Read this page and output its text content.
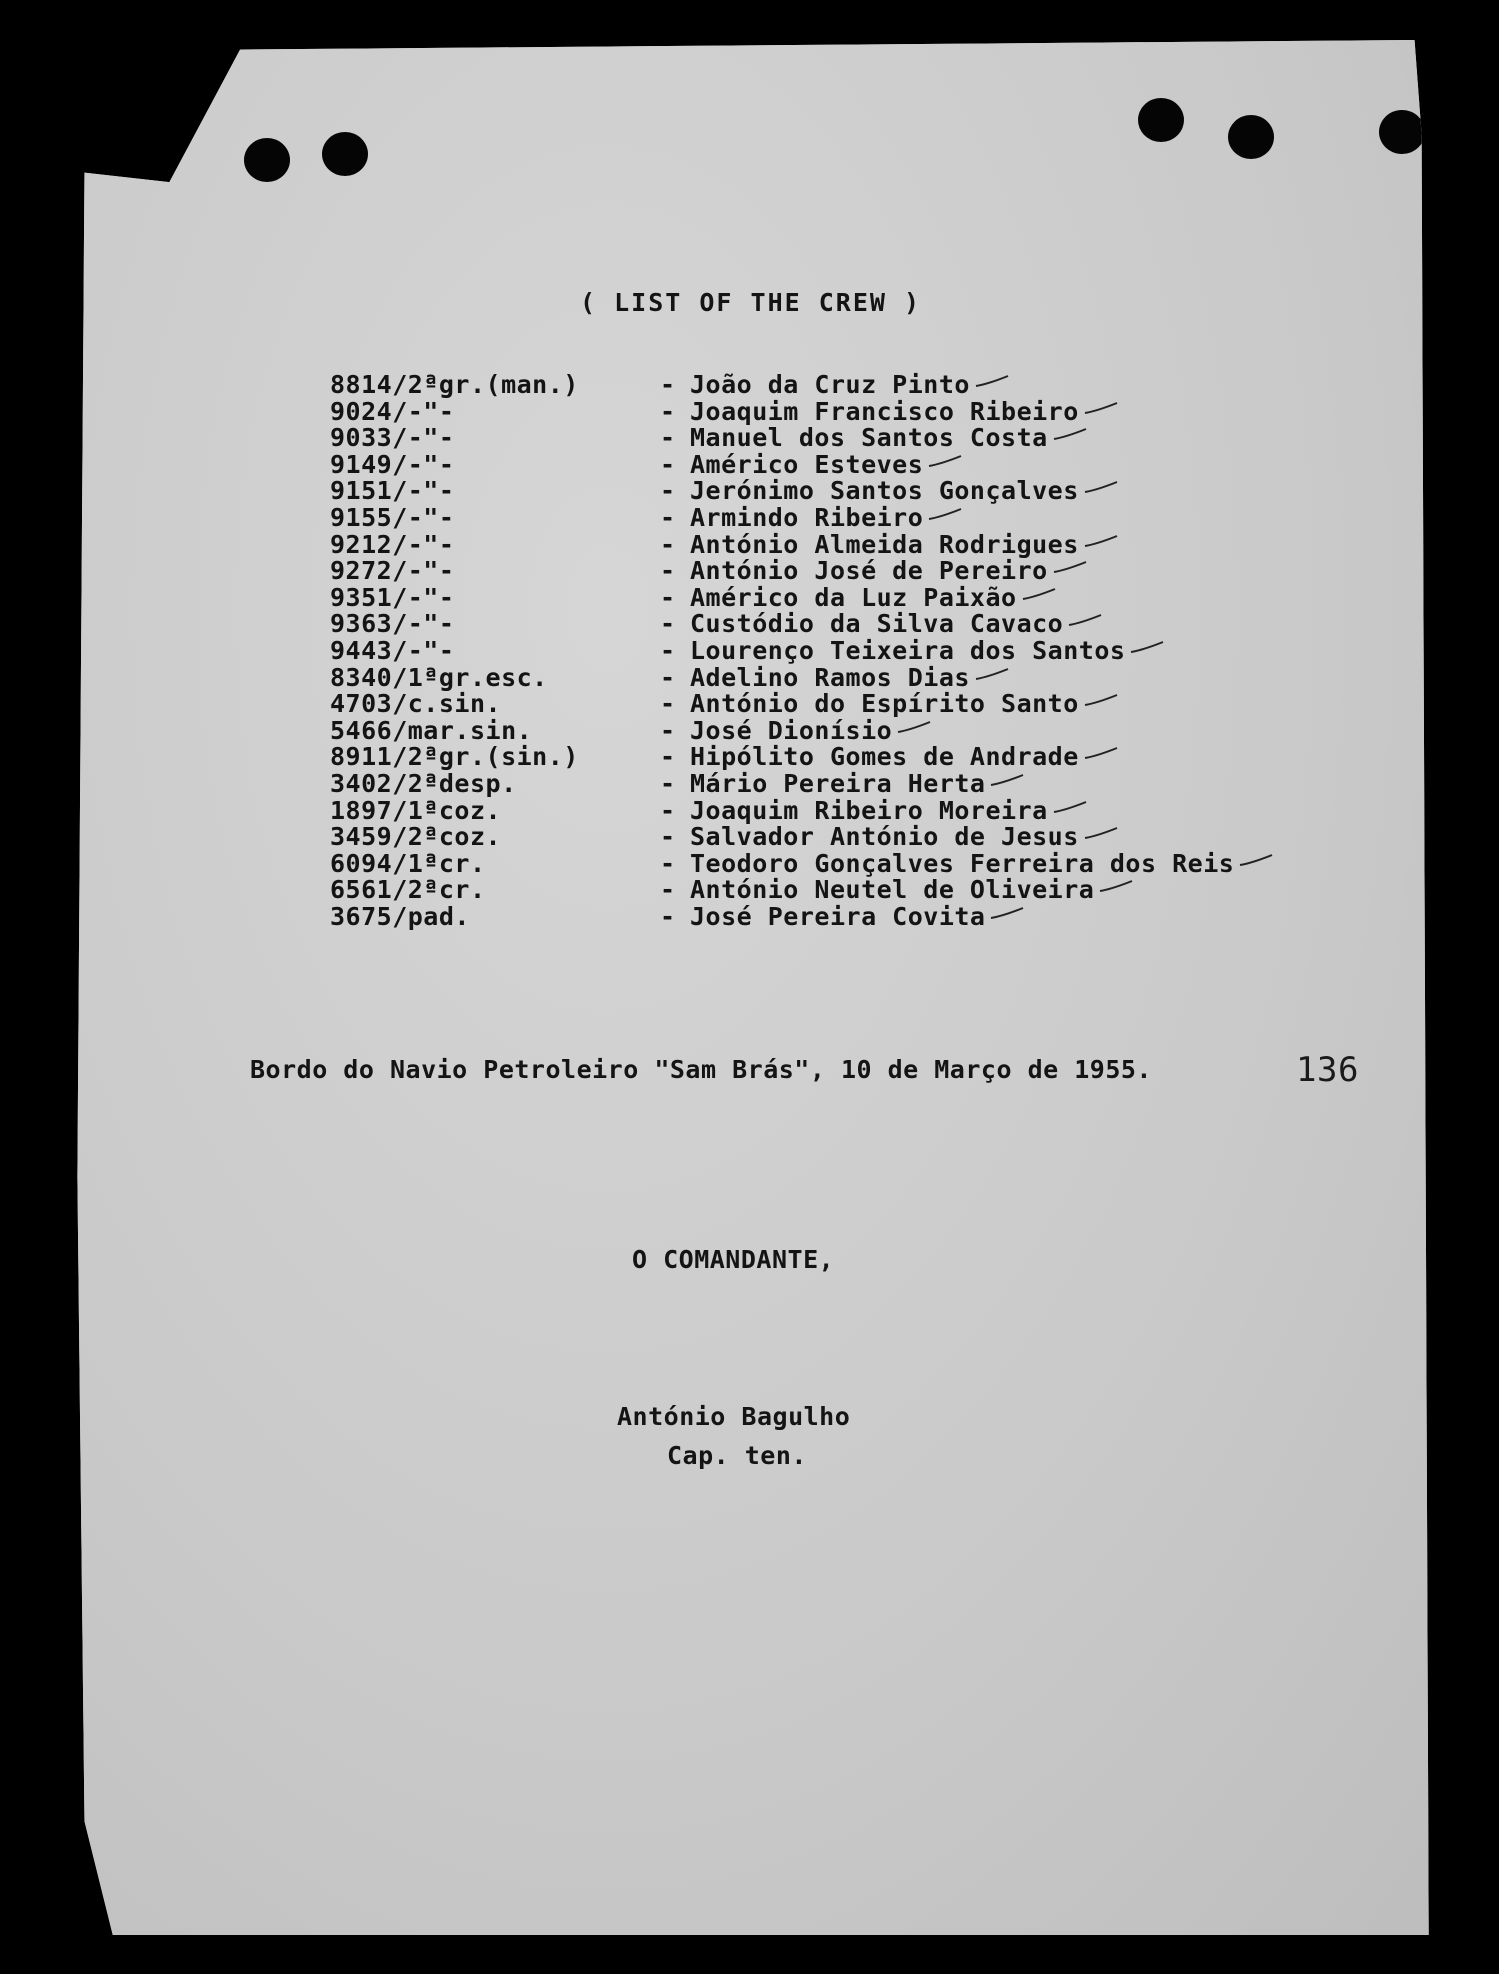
( LIST OF THE CREW )
8814/2ªgr.(man.)	- João da Cruz Pinto
9024/-"-	- Joaquim Francisco Ribeiro
9033/-"-	- Manuel dos Santos Costa
9149/-"-	- Américo Esteves
9151/-"-	- Jerónimo Santos Gonçalves
9155/-"-	- Armindo Ribeiro
9212/-"-	- António Almeida Rodrigues
9272/-"-	- António José de Pereiro
9351/-"-	- Américo da Luz Paixão
9363/-"-	- Custódio da Silva Cavaco
9443/-"-	- Lourenço Teixeira dos Santos
8340/1ªgr.esc.	- Adelino Ramos Dias
4703/c.sin.	- António do Espírito Santo
5466/mar.sin.	- José Dionísio
8911/2ªgr.(sin.)	- Hipólito Gomes de Andrade
3402/2ªdesp.	- Mário Pereira Herta
1897/1ªcoz.	- Joaquim Ribeiro Moreira
3459/2ªcoz.	- Salvador António de Jesus
6094/1ªcr.	- Teodoro Gonçalves Ferreira dos Reis
6561/2ªcr.	- António Neutel de Oliveira
3675/pad.	- José Pereira Covita
Bordo do Navio Petroleiro "Sam Brás", 10 de Março de 1955.	136
O COMANDANTE,
António Bagulho
Cap. ten.
